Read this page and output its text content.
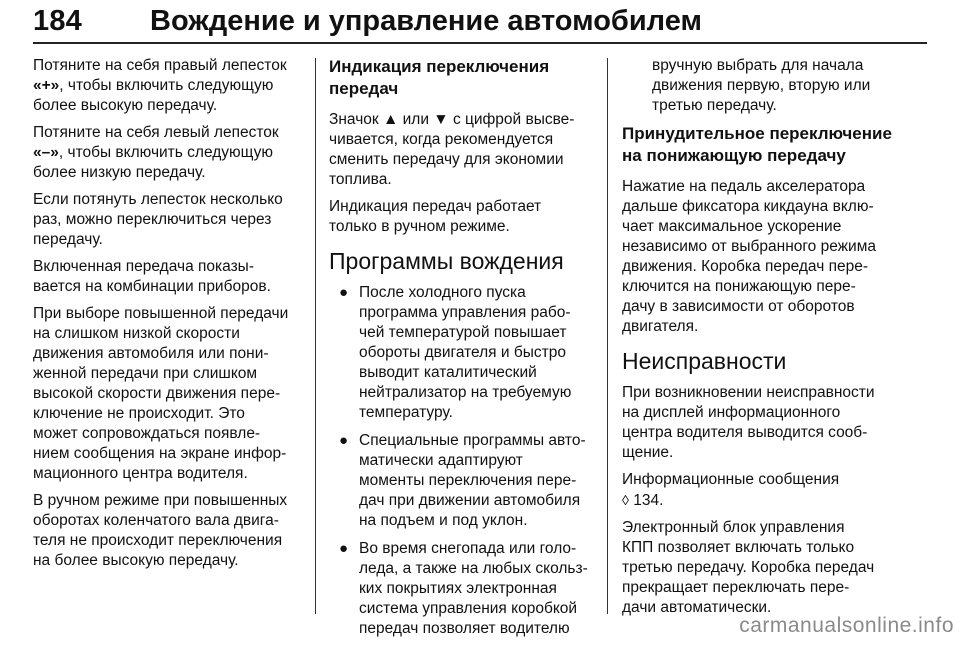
184 Вождение и управление автомобилем

Потяните на себя правый лепесток
«+», чтобы включить следующую
более высокую передачу.

Потяните на себя левый лепесток
«–», чтобы включить следующую
более низкую передачу.

Если потянуть лепесток несколько
раз, можно переключиться через
передачу.

Включенная передача показы-
вается на комбинации приборов.

При выборе повышенной передачи
на слишком низкой скорости
движения автомобиля или пони-
женной передачи при слишком
высокой скорости движения пере-
ключение не происходит. Это
может сопровождаться появле-
нием сообщения на экране инфор-
мационного центра водителя.

В ручном режиме при повышенных
оборотах коленчатого вала двига-
теля не происходит переключения
на более высокую передачу.

Индикация переключения
передач

Значок ▲ или ▼ с цифрой высве-
чивается, когда рекомендуется
сменить передачу для экономии
топлива.

Индикация передач работает
только в ручном режиме.

Программы вождения
● После холодного пуска
программа управления рабо-
чей температурой повышает
обороты двигателя и быстро
выводит каталитический
нейтрализатор на требуемую
температуру.
● Специальные программы авто-
матически адаптируют
моменты переключения пере-
дач при движении автомобиля
на подъем и под уклон.
● Во время снегопада или голо-
леда, а также на любых скольз-
ких покрытиях электронная
система управления коробкой
передач позволяет водителю

вручную выбрать для начала
движения первую, вторую или
третью передачу.

Принудительное переключение
на понижающую передачу

Нажатие на педаль акселератора
дальше фиксатора кикдауна вклю-
чает максимальное ускорение
независимо от выбранного режима
движения. Коробка передач пере-
ключится на понижающую пере-
дачу в зависимости от оборотов
двигателя.

Неисправности

При возникновении неисправности
на дисплей информационного
центра водителя выводится сооб-
щение.

Информационные сообщения
◊ 134.

Электронный блок управления
КПП позволяет включать только
третью передачу. Коробка передач
прекращает переключать пере-
дачи автоматически.

carmanualsonline.info
